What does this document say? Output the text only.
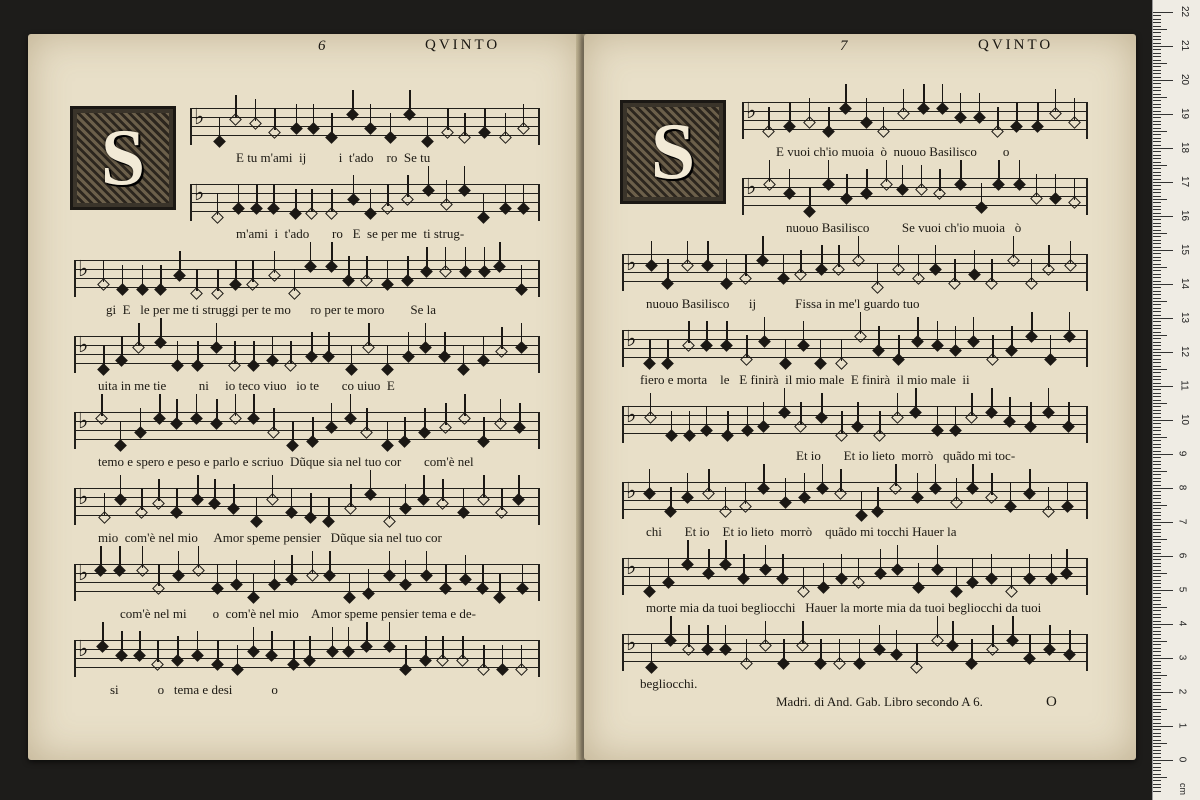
6	QVINTO
S
7	QVINTO
S
♭
♭
♭
♭
♭
♭
♭
♭
♭
♭
♭
♭
♭
♭
♭
♭
E tu m'ami  ij          i  t'ado    ro  Se tu
m'ami  i  t'ado       ro   E  se per me  ti strug-
gi  E   le per me ti struggi per te mo      ro per te moro        Se la
uita in me tie          ni     io teco viuo   io te       co uiuo  E
temo e spero e peso e parlo e scriuo  Dũque sia nel tuo cor       com'è nel
mio  com'è nel mio     Amor speme pensier   Dũque sia nel tuo cor
com'è nel mi        o  com'è nel mio    Amor speme pensier tema e de-
si            o   tema e desi            o
E vuoi ch'io muoia  ò  nuouo Basilisco        o
nuouo Basilisco          Se vuoi ch'io muoia   ò
nuouo Basilisco      ij            Fissa in me'l guardo tuo
fiero e morta    le   E finirà  il mio male  E finirà  il mio male  ii
Et io       Et io lieto  morrò   quãdo mi toc-
chi       Et io    Et io lieto  morrò    quãdo mi tocchi Hauer la
morte mia da tuoi begliocchi   Hauer la morte mia da tuoi begliocchi da tuoi
begliocchi.
Madri. di And. Gab. Libro secondo A 6.	O
cm
22
21
20
19
18
17
16
15
14
13
12
11
10
9
8
7
6
5
4
3
2
1
0
